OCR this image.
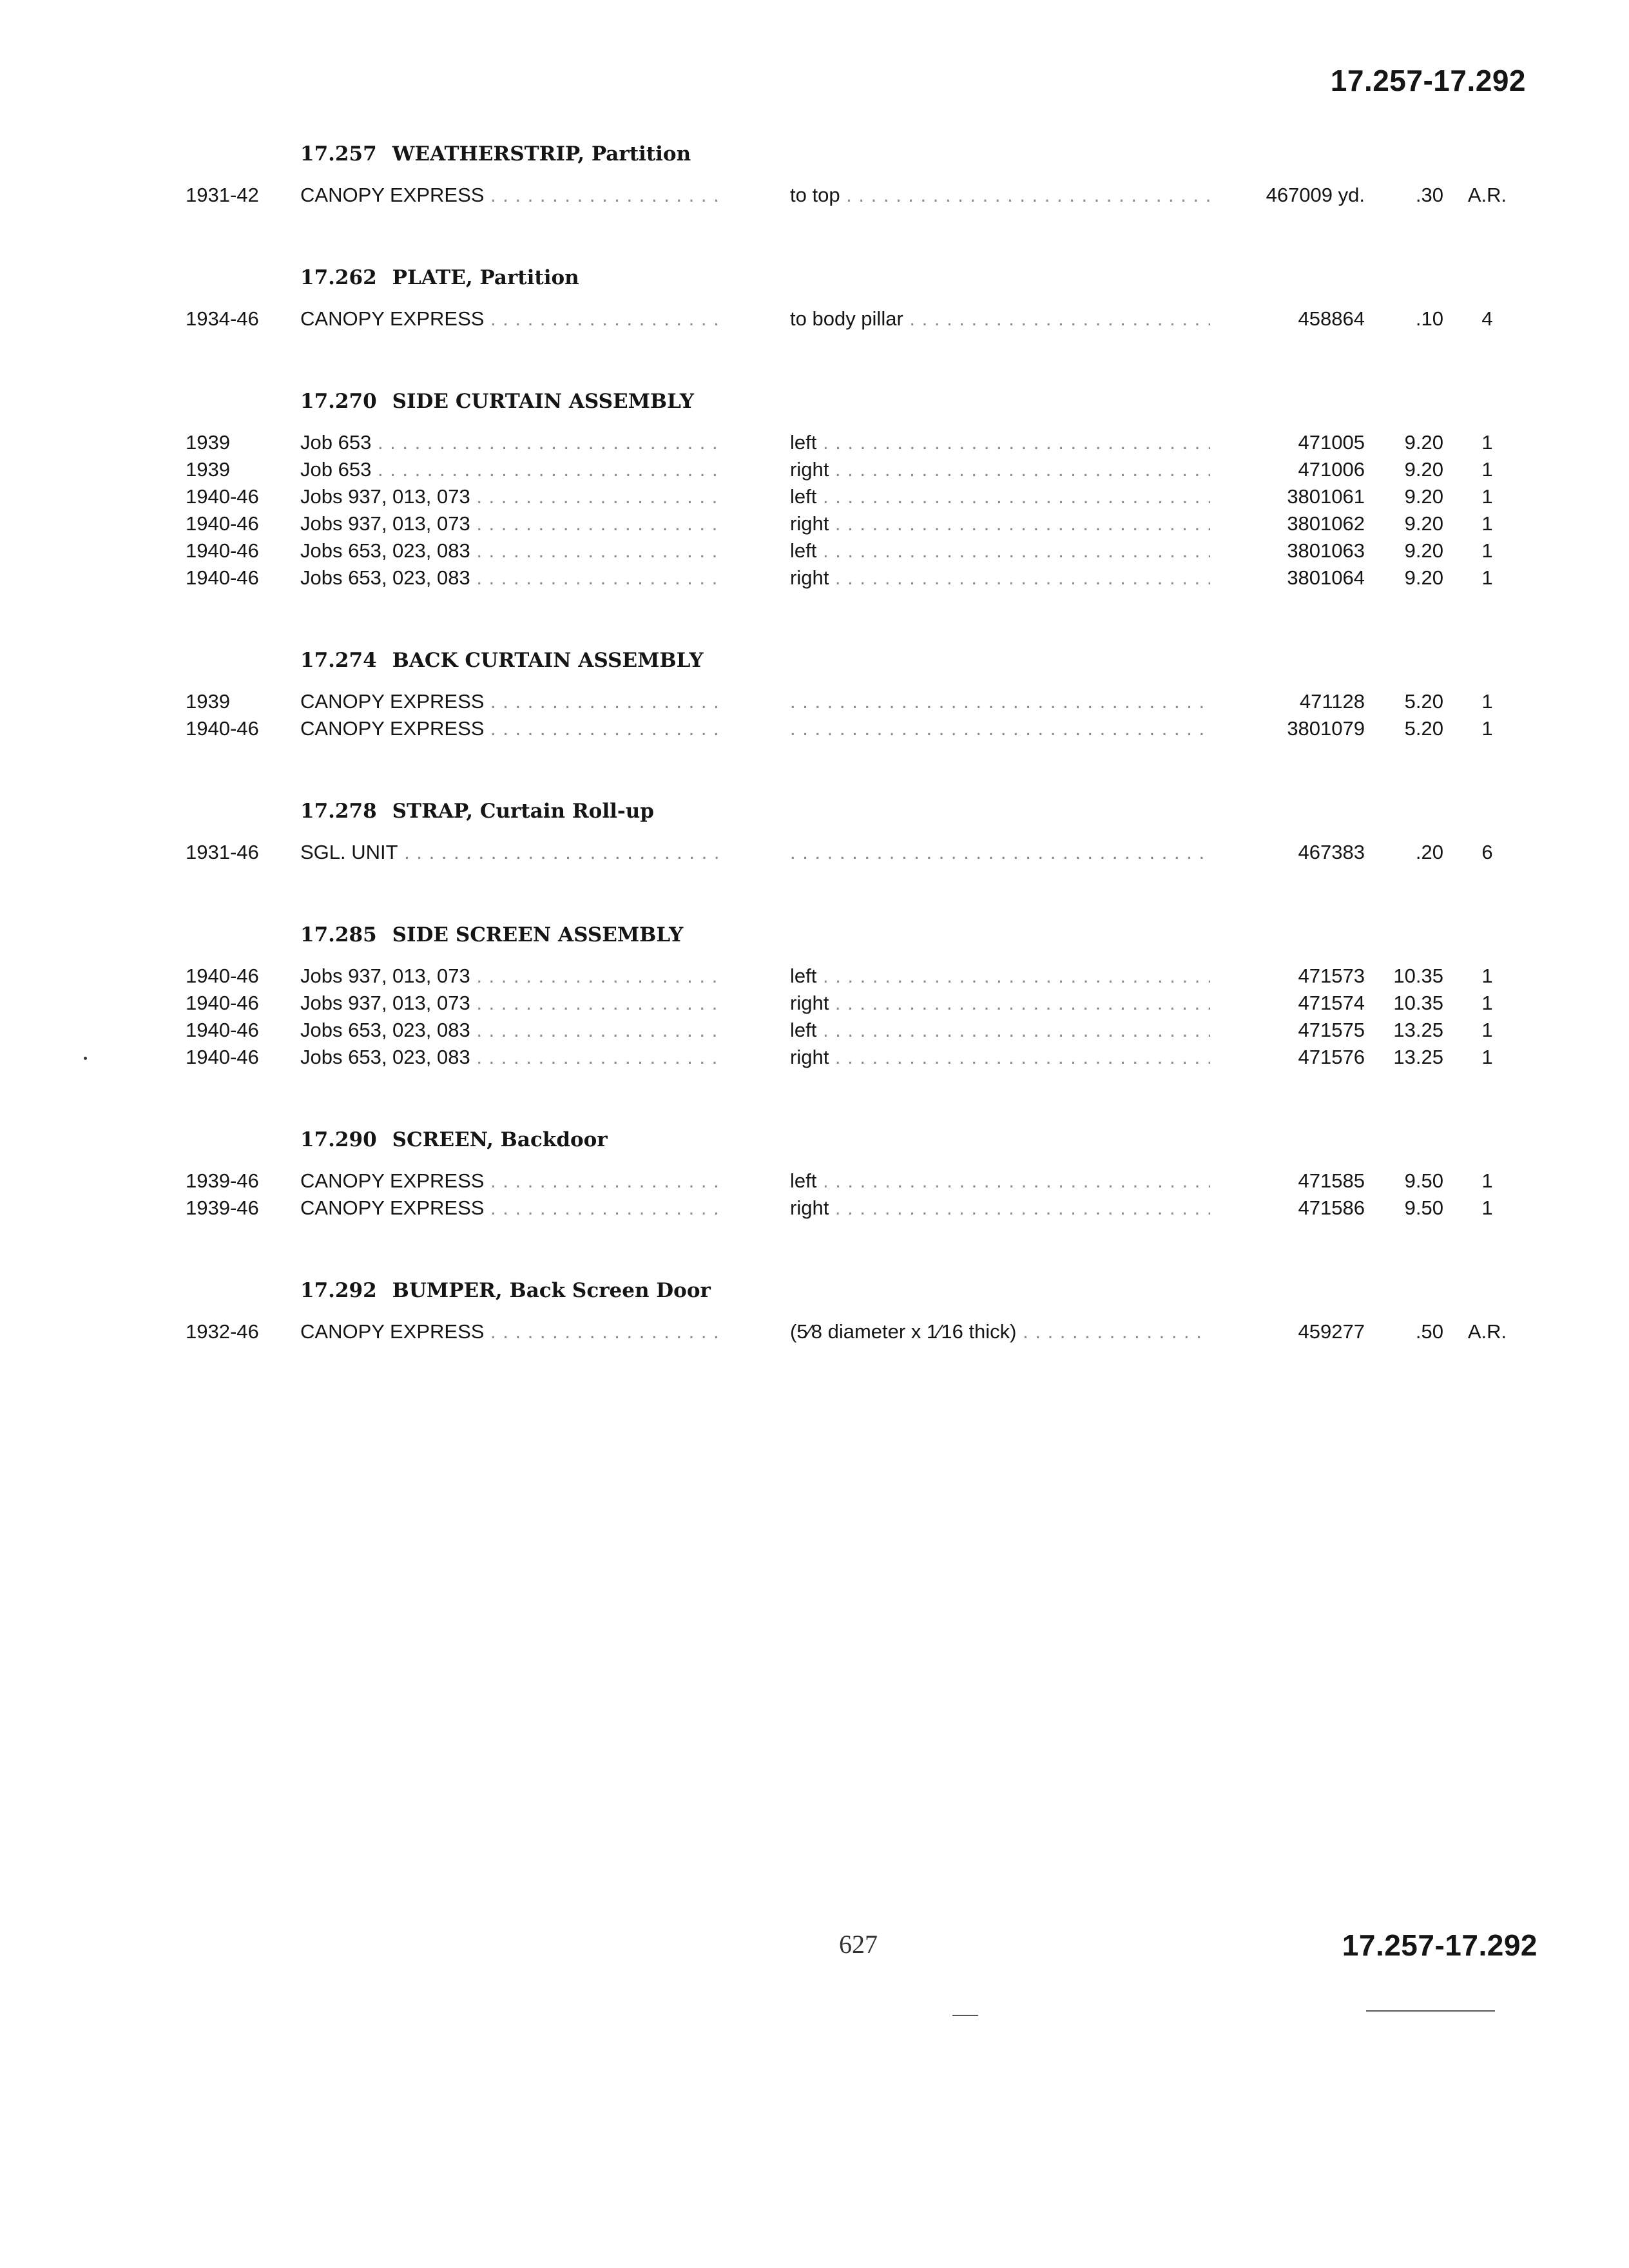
17.257-17.292
17.257 WEATHERSTRIP, Partition
1931-42	CANOPY EXPRESS . . .	to top . . .	467009 yd.	.30	A.R.
17.262 PLATE, Partition
1934-46	CANOPY EXPRESS . . .	to body pillar . . .	458864	.10	4
17.270 SIDE CURTAIN ASSEMBLY
1939	Job 653 . . .	left . . .	471005	9.20	1
1939	Job 653 . . .	right . . .	471006	9.20	1
1940-46	Jobs 937, 013, 073 . . .	left . . .	3801061	9.20	1
1940-46	Jobs 937, 013, 073 . . .	right . . .	3801062	9.20	1
1940-46	Jobs 653, 023, 083 . . .	left . . .	3801063	9.20	1
1940-46	Jobs 653, 023, 083 . . .	right . . .	3801064	9.20	1
17.274 BACK CURTAIN ASSEMBLY
1939	CANOPY EXPRESS . . . . . .	471128	5.20	1
1940-46	CANOPY EXPRESS . . . . . .	3801079	5.20	1
17.278 STRAP, Curtain Roll-up
1931-46	SGL. UNIT . . . . . .	467383	.20	6
17.285 SIDE SCREEN ASSEMBLY
1940-46	Jobs 937, 013, 073 . . .	left . . .	471573	10.35	1
1940-46	Jobs 937, 013, 073 . . .	right . . .	471574	10.35	1
1940-46	Jobs 653, 023, 083 . . .	left . . .	471575	13.25	1
1940-46	Jobs 653, 023, 083 . . .	right . . .	471576	13.25	1
17.290 SCREEN, Backdoor
1939-46	CANOPY EXPRESS . . .	left . . .	471585	9.50	1
1939-46	CANOPY EXPRESS . . .	right . . .	471586	9.50	1
17.292 BUMPER, Back Screen Door
1932-46	CANOPY EXPRESS . . .	(5⁄8 diameter x 1⁄16 thick) . . .	459277	.50	A.R.
627	17.257-17.292
